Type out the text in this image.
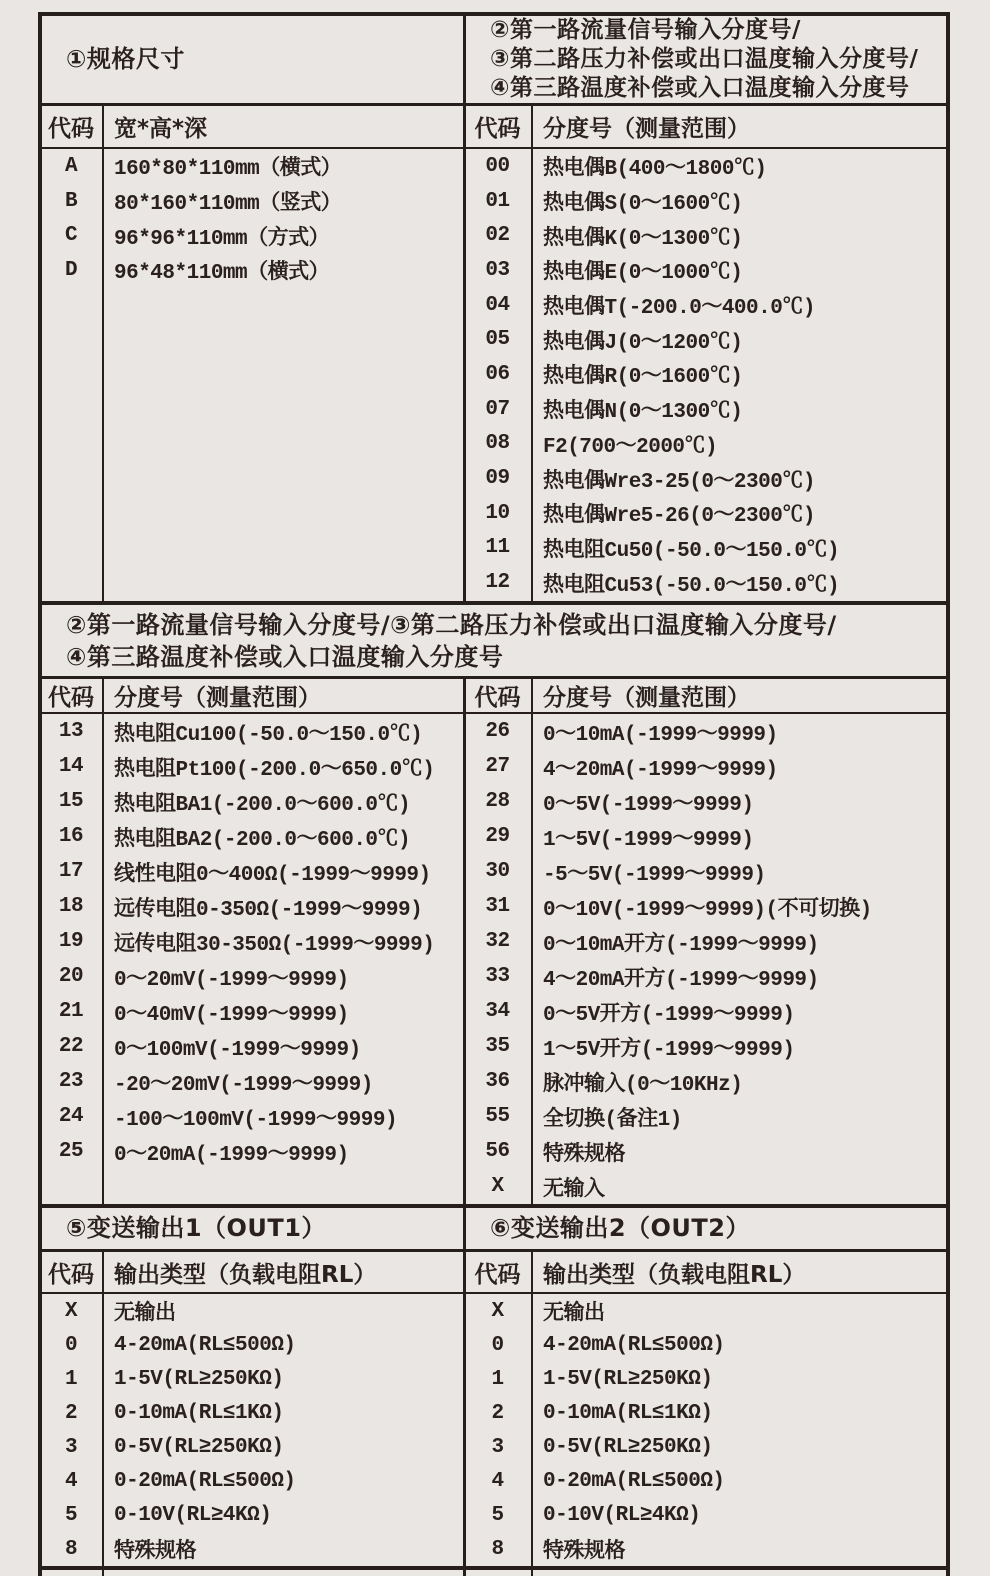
①规格尺寸
代码 宽*高*深
A	160*80*110mm（横式）
B	80*160*110mm（竖式）
C	96*96*110mm（方式）
D	96*48*110mm（横式）
②第一路流量信号输入分度号/
③第二路压力补偿或出口温度输入分度号/
④第三路温度补偿或入口温度输入分度号
代码 分度号（测量范围）
00	热电偶B(400～1800℃)
01	热电偶S(0～1600℃)
02	热电偶K(0～1300℃)
03	热电偶E(0～1000℃)
04	热电偶T(-200.0～400.0℃)
05	热电偶J(0～1200℃)
06	热电偶R(0～1600℃)
07	热电偶N(0～1300℃)
08	F2(700～2000℃)
09	热电偶Wre3-25(0～2300℃)
10	热电偶Wre5-26(0～2300℃)
11	热电阻Cu50(-50.0～150.0℃)
12	热电阻Cu53(-50.0～150.0℃)
②第一路流量信号输入分度号/③第二路压力补偿或出口温度输入分度号/
④第三路温度补偿或入口温度输入分度号
代码 分度号（测量范围）
13	热电阻Cu100(-50.0～150.0℃)
14	热电阻Pt100(-200.0～650.0℃)
15	热电阻BA1(-200.0～600.0℃)
16	热电阻BA2(-200.0～600.0℃)
17	线性电阻0～400Ω(-1999～9999)
18	远传电阻0-350Ω(-1999～9999)
19	远传电阻30-350Ω(-1999～9999)
20	0～20mV(-1999～9999)
21	0～40mV(-1999～9999)
22	0～100mV(-1999～9999)
23	-20～20mV(-1999～9999)
24	-100～100mV(-1999～9999)
25	0～20mA(-1999～9999)
代码 分度号（测量范围）
26	0～10mA(-1999～9999)
27	4～20mA(-1999～9999)
28	0～5V(-1999～9999)
29	1～5V(-1999～9999)
30	-5～5V(-1999～9999)
31	0～10V(-1999～9999)(不可切换)
32	0～10mA开方(-1999～9999)
33	4～20mA开方(-1999～9999)
34	0～5V开方(-1999～9999)
35	1～5V开方(-1999～9999)
36	脉冲输入(0～10KHz)
55	全切换(备注1)
56	特殊规格
X	无输入
⑤变送输出1（OUT1）
代码 输出类型（负载电阻RL）
X	无输出
0	4-20mA(RL≤500Ω)
1	1-5V(RL≥250KΩ)
2	0-10mA(RL≤1KΩ)
3	0-5V(RL≥250KΩ)
4	0-20mA(RL≤500Ω)
5	0-10V(RL≥4KΩ)
8	特殊规格
⑥变送输出2（OUT2）
代码 输出类型（负载电阻RL）
X	无输出
0	4-20mA(RL≤500Ω)
1	1-5V(RL≥250KΩ)
2	0-10mA(RL≤1KΩ)
3	0-5V(RL≥250KΩ)
4	0-20mA(RL≤500Ω)
5	0-10V(RL≥4KΩ)
8	特殊规格
